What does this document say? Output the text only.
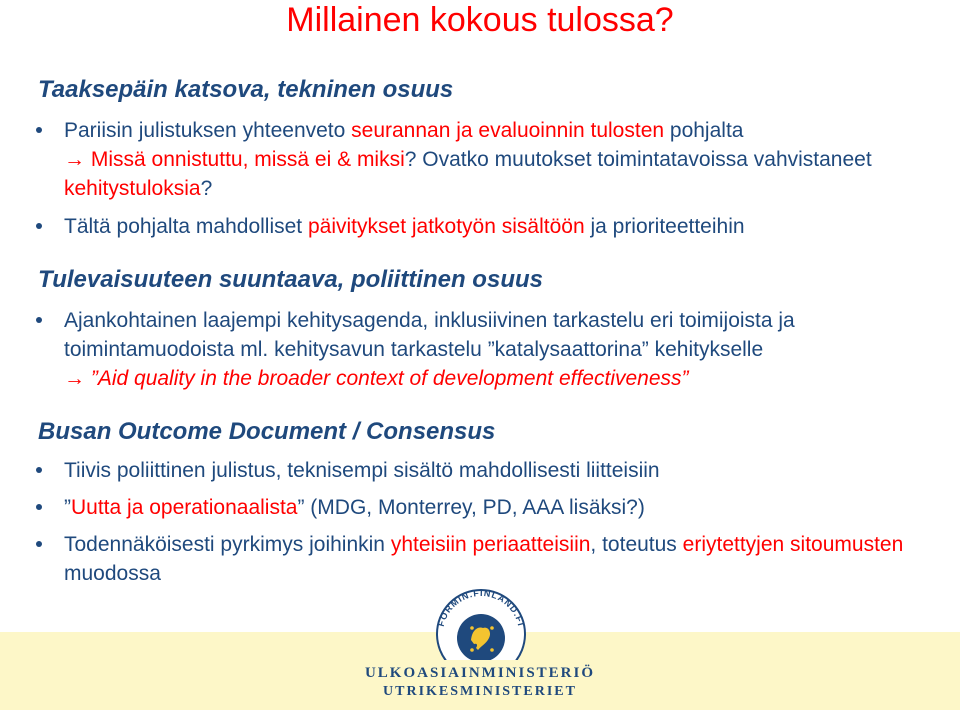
Millainen kokous tulossa?
Taaksepäin katsova, tekninen osuus
Pariisin julistuksen yhteenveto seurannan ja evaluoinnin tulosten pohjalta
→ Missä onnistuttu, missä ei & miksi? Ovatko muutokset toimintatavoissa vahvistaneet kehitystuloksia?
Tältä pohjalta mahdolliset päivitykset jatkotyön sisältöön ja prioriteetteihin
Tulevaisuuteen suuntaava, poliittinen osuus
Ajankohtainen laajempi kehitysagenda, inklusiivinen tarkastelu eri toimijoista ja toimintamuodoista ml. kehitysavun tarkastelu ”katalysaattorina” kehitykselle
→ ”Aid quality in the broader context of development effectiveness”
Busan Outcome Document / Consensus
Tiivis poliittinen julistus, teknisempi sisältö mahdollisesti liitteisiin
”Uutta ja operationaalista” (MDG, Monterrey, PD, AAA lisäksi?)
Todennäköisesti pyrkimys joihinkin yhteisiin periaatteisiin, toteutus eriytettyjen sitoumusten muodossa
FORMIN.FINLAND.FI
ULKOASIAINMINISTERIÖ
UTRIKESMINISTERIET
